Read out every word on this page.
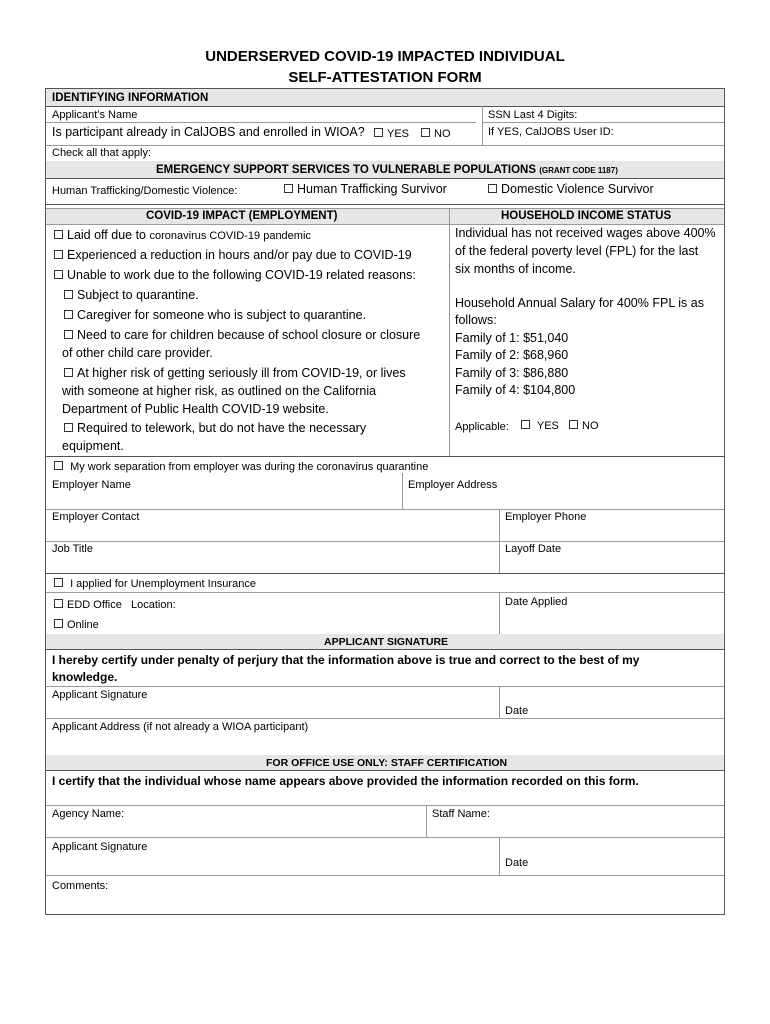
UNDERSERVED COVID-19 IMPACTED INDIVIDUAL
SELF-ATTESTATION FORM
IDENTIFYING INFORMATION
Applicant’s Name	SSN Last 4 Digits:
Is participant already in CalJOBS and enrolled in WIOA?	YES	NO	If YES, CalJOBS User ID:
Check all that apply:
EMERGENCY SUPPORT SERVICES TO VULNERABLE POPULATIONS (GRANT CODE 1187)
Human Trafficking/Domestic Violence:	Human Trafficking Survivor	Domestic Violence Survivor
COVID-19 IMPACT (EMPLOYMENT)	HOUSEHOLD INCOME STATUS
Laid off due to coronavirus COVID-19 pandemic
Experienced a reduction in hours and/or pay due to COVID-19
Unable to work due to the following COVID-19 related reasons:
Subject to quarantine.
Caregiver for someone who is subject to quarantine.
Need to care for children because of school closure or closure
of other child care provider.
At higher risk of getting seriously ill from COVID-19, or lives
with someone at higher risk, as outlined on the California
Department of Public Health COVID-19 website.
Required to telework, but do not have the necessary
equipment.
Individual has not received wages above 400%
of the federal poverty level (FPL) for the last
six months of income.
Household Annual Salary for 400% FPL is as
follows:
Family of 1: $51,040
Family of 2: $68,960
Family of 3: $86,880
Family of 4: $104,800
Applicable:	YES	NO
My work separation from employer was during the coronavirus quarantine
Employer Name	Employer Address
Employer Contact	Employer Phone
Job Title	Layoff Date
I applied for Unemployment Insurance
EDD Office Location:	Date Applied
Online
APPLICANT SIGNATURE
I hereby certify under penalty of perjury that the information above is true and correct to the best of my
knowledge.
Applicant Signature
Date
Applicant Address (if not already a WIOA participant)
FOR OFFICE USE ONLY: STAFF CERTIFICATION
I certify that the individual whose name appears above provided the information recorded on this form.
Agency Name:	Staff Name:
Applicant Signature
Date
Comments:
